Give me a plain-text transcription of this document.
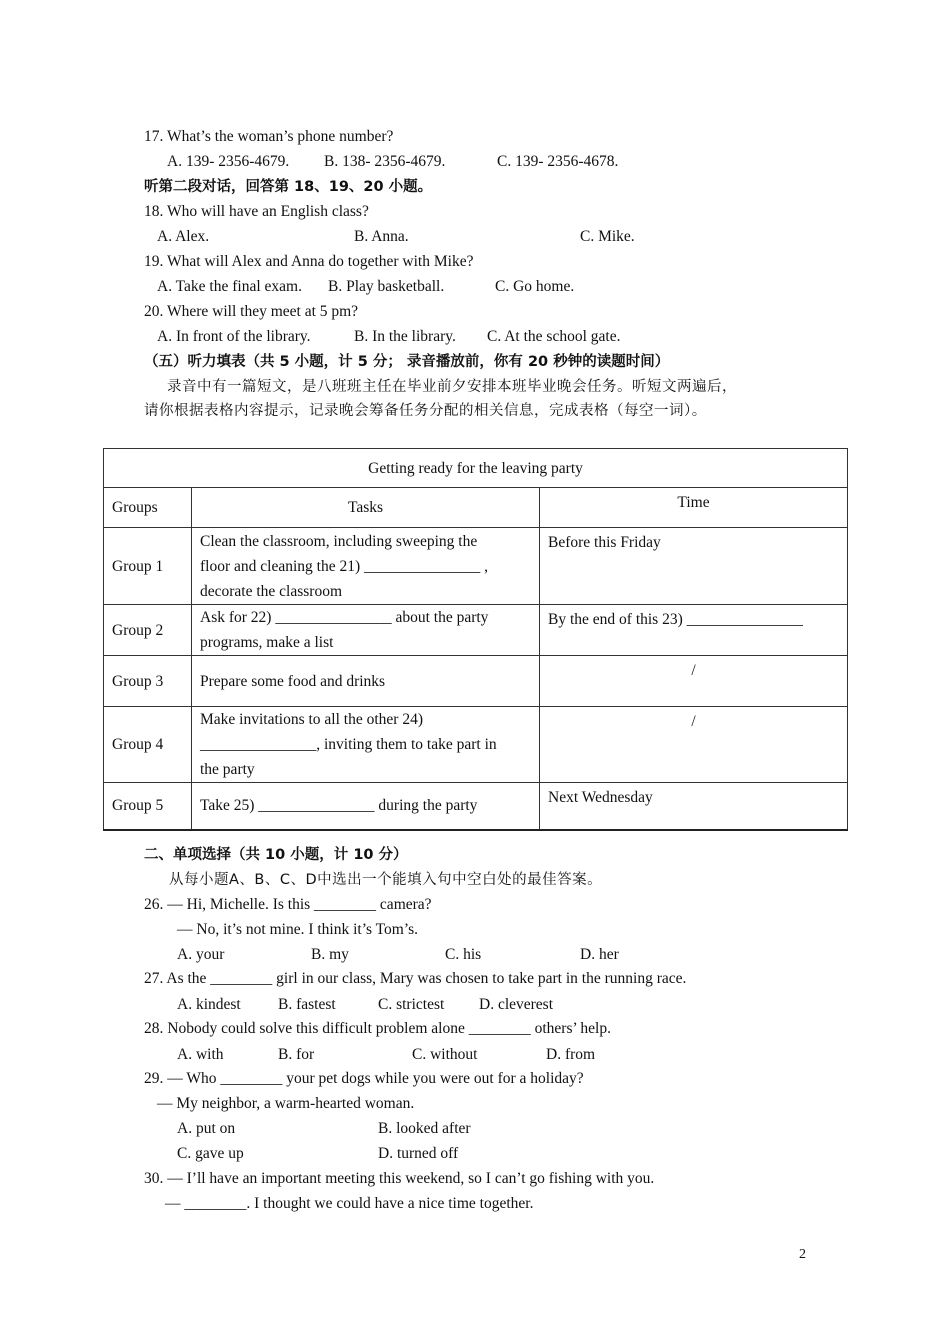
17. What’s the woman’s phone number?
A. 139- 2356-4679. B. 138- 2356-4679.	C. 139- 2356-4678.
听第二段对话，回答第 18、19、20 小题。
18. Who will have an English class?
A. Alex.	B. Anna.	C. Mike.
19. What will Alex and Anna do together with Mike?
A. Take the final exam. B. Play basketball.	C. Go home.
20. Where will they meet at 5 pm?
A. In front of the library.	B. In the library. C. At the school gate.
（五）听力填表（共 5 小题，计 5 分； 录音播放前，你有 20 秒钟的读题时间）
录音中有一篇短文，是八班班主任在毕业前夕安排本班毕业晚会任务。听短文两遍后，
请你根据表格内容提示，记录晚会筹备任务分配的相关信息，完成表格（每空一词）。
Getting ready for the leaving party		
Groups	Tasks	Time
Group 1	Clean the classroom, including sweeping the
floor and cleaning the 21) _______________ ,
decorate the classroom	Before this Friday
Group 2	Ask for 22) _______________ about the party
programs, make a list	By the end of this 23) _______________
Group 3	Prepare some food and drinks	/
Group 4	Make invitations to all the other 24)
_______________, inviting them to take part in
the party	/
Group 5	Take 25) _______________ during the party	Next Wednesday
二、单项选择（共 10 小题，计 10 分）
从每小题A、B、C、D中选出一个能填入句中空白处的最佳答案。
26. — Hi, Michelle. Is this ________ camera?
— No, it’s not mine. I think it’s Tom’s.
A. your	B. my	C. his	D. her
27. As the ________ girl in our class, Mary was chosen to take part in the running race.
A. kindest B. fastest	C. strictest D. cleverest
28. Nobody could solve this difficult problem alone ________ others’ help.
A. with	B. for	C. without	D. from
29. — Who ________ your pet dogs while you were out for a holiday?
— My neighbor, a warm-hearted woman.
A. put on	B. looked after
C. gave up	D. turned off
30. — I’ll have an important meeting this weekend, so I can’t go fishing with you.
— ________. I thought we could have a nice time together.
2
